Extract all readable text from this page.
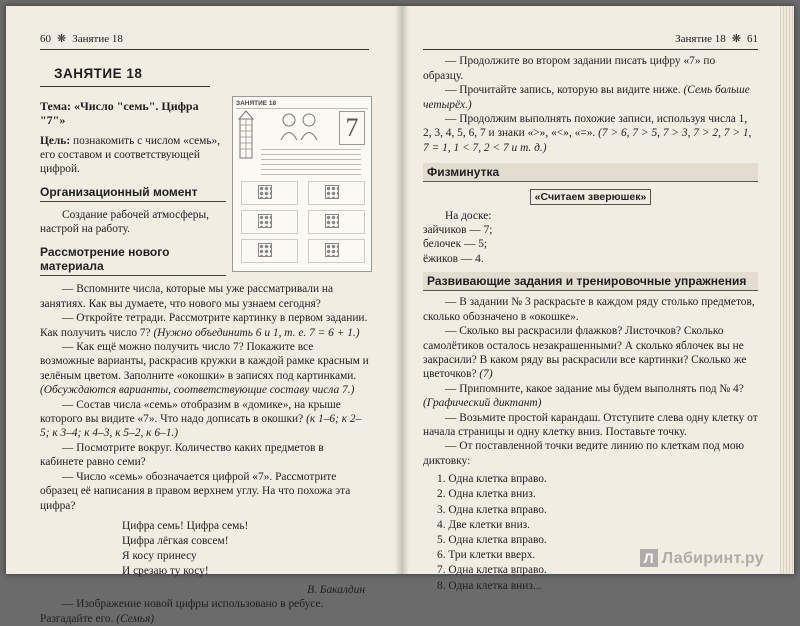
60 ❋ Занятие 18
ЗАНЯТИЕ 18
Тема: «Число "семь". Цифра "7"»
Цель: познакомить с числом «семь», его составом и соответствующей цифрой.
Организационный момент
Создание рабочей атмосферы, настрой на работу.
Рассмотрение нового материала
ЗАНЯТИЕ 18
7
— Вспомните числа, которые мы уже рассматривали на занятиях. Как вы думаете, что нового мы узнаем сегодня?
— Откройте тетради. Рассмотрите картинку в первом задании. Как получить число 7? (Нужно объединить 6 и 1, т. е. 7 = 6 + 1.)
— Как ещё можно получить число 7? Покажите все возможные варианты, раскрасив кружки в каждой рамке красным и зелёным цветом. Заполните «окошки» в записях под картинками. (Обсуждаются варианты, соответствующие составу числа 7.)
— Состав числа «семь» отобразим в «домике», на крыше которого вы видите «7». Что надо дописать в окошки? (к 1–6; к 2–5; к 3–4; к 4–3, к 5–2, к 6–1.)
— Посмотрите вокруг. Количество каких предметов в кабинете равно семи?
— Число «семь» обозначается цифрой «7». Рассмотрите образец её написания в правом верхнем углу. На что похожа эта цифра?
Цифра семь! Цифра семь!
Цифра лёгкая совсем!
Я косу принесу
И срезаю ту косу!
В. Бакалдин
— Изображение новой цифры использовано в ребусе. Разгадайте его. (Семья)
Занятие 18 ❋ 61
— Продолжите во втором задании писать цифру «7» по образцу.
— Прочитайте запись, которую вы видите ниже. (Семь больше четырёх.)
— Продолжим выполнять похожие записи, используя числа 1, 2, 3, 4, 5, 6, 7 и знаки «>», «<», «=». (7 > 6, 7 > 5, 7 > 3, 7 > 2, 7 > 1, 7 = 1, 1 < 7, 2 < 7 и т. д.)
Физминутка
«Считаем зверюшек»
На доске:
зайчиков — 7;
белочек — 5;
ёжиков — 4.
Развивающие задания и тренировочные упражнения
— В задании № 3 раскрасьте в каждом ряду столько предметов, сколько обозначено в «окошке».
— Сколько вы раскрасили флажков? Листочков? Сколько самолётиков осталось незакрашенными? А сколько яблочек вы не закрасили? В каком ряду вы раскрасили все картинки? Сколько же цветочков? (7)
— Припомните, какое задание мы будем выполнять под № 4? (Графический диктант)
— Возьмите простой карандаш. Отступите слева одну клетку от начала страницы и одну клетку вниз. Поставьте точку.
— От поставленной точки ведите линию по клеткам под мою диктовку:
1. Одна клетка вправо.
2. Одна клетка вниз.
3. Одна клетка вправо.
4. Две клетки вниз.
5. Одна клетка вправо.
6. Три клетки вверх.
7. Одна клетка вправо.
8. Одна клетка вниз...
Л Лабиринт.ру
